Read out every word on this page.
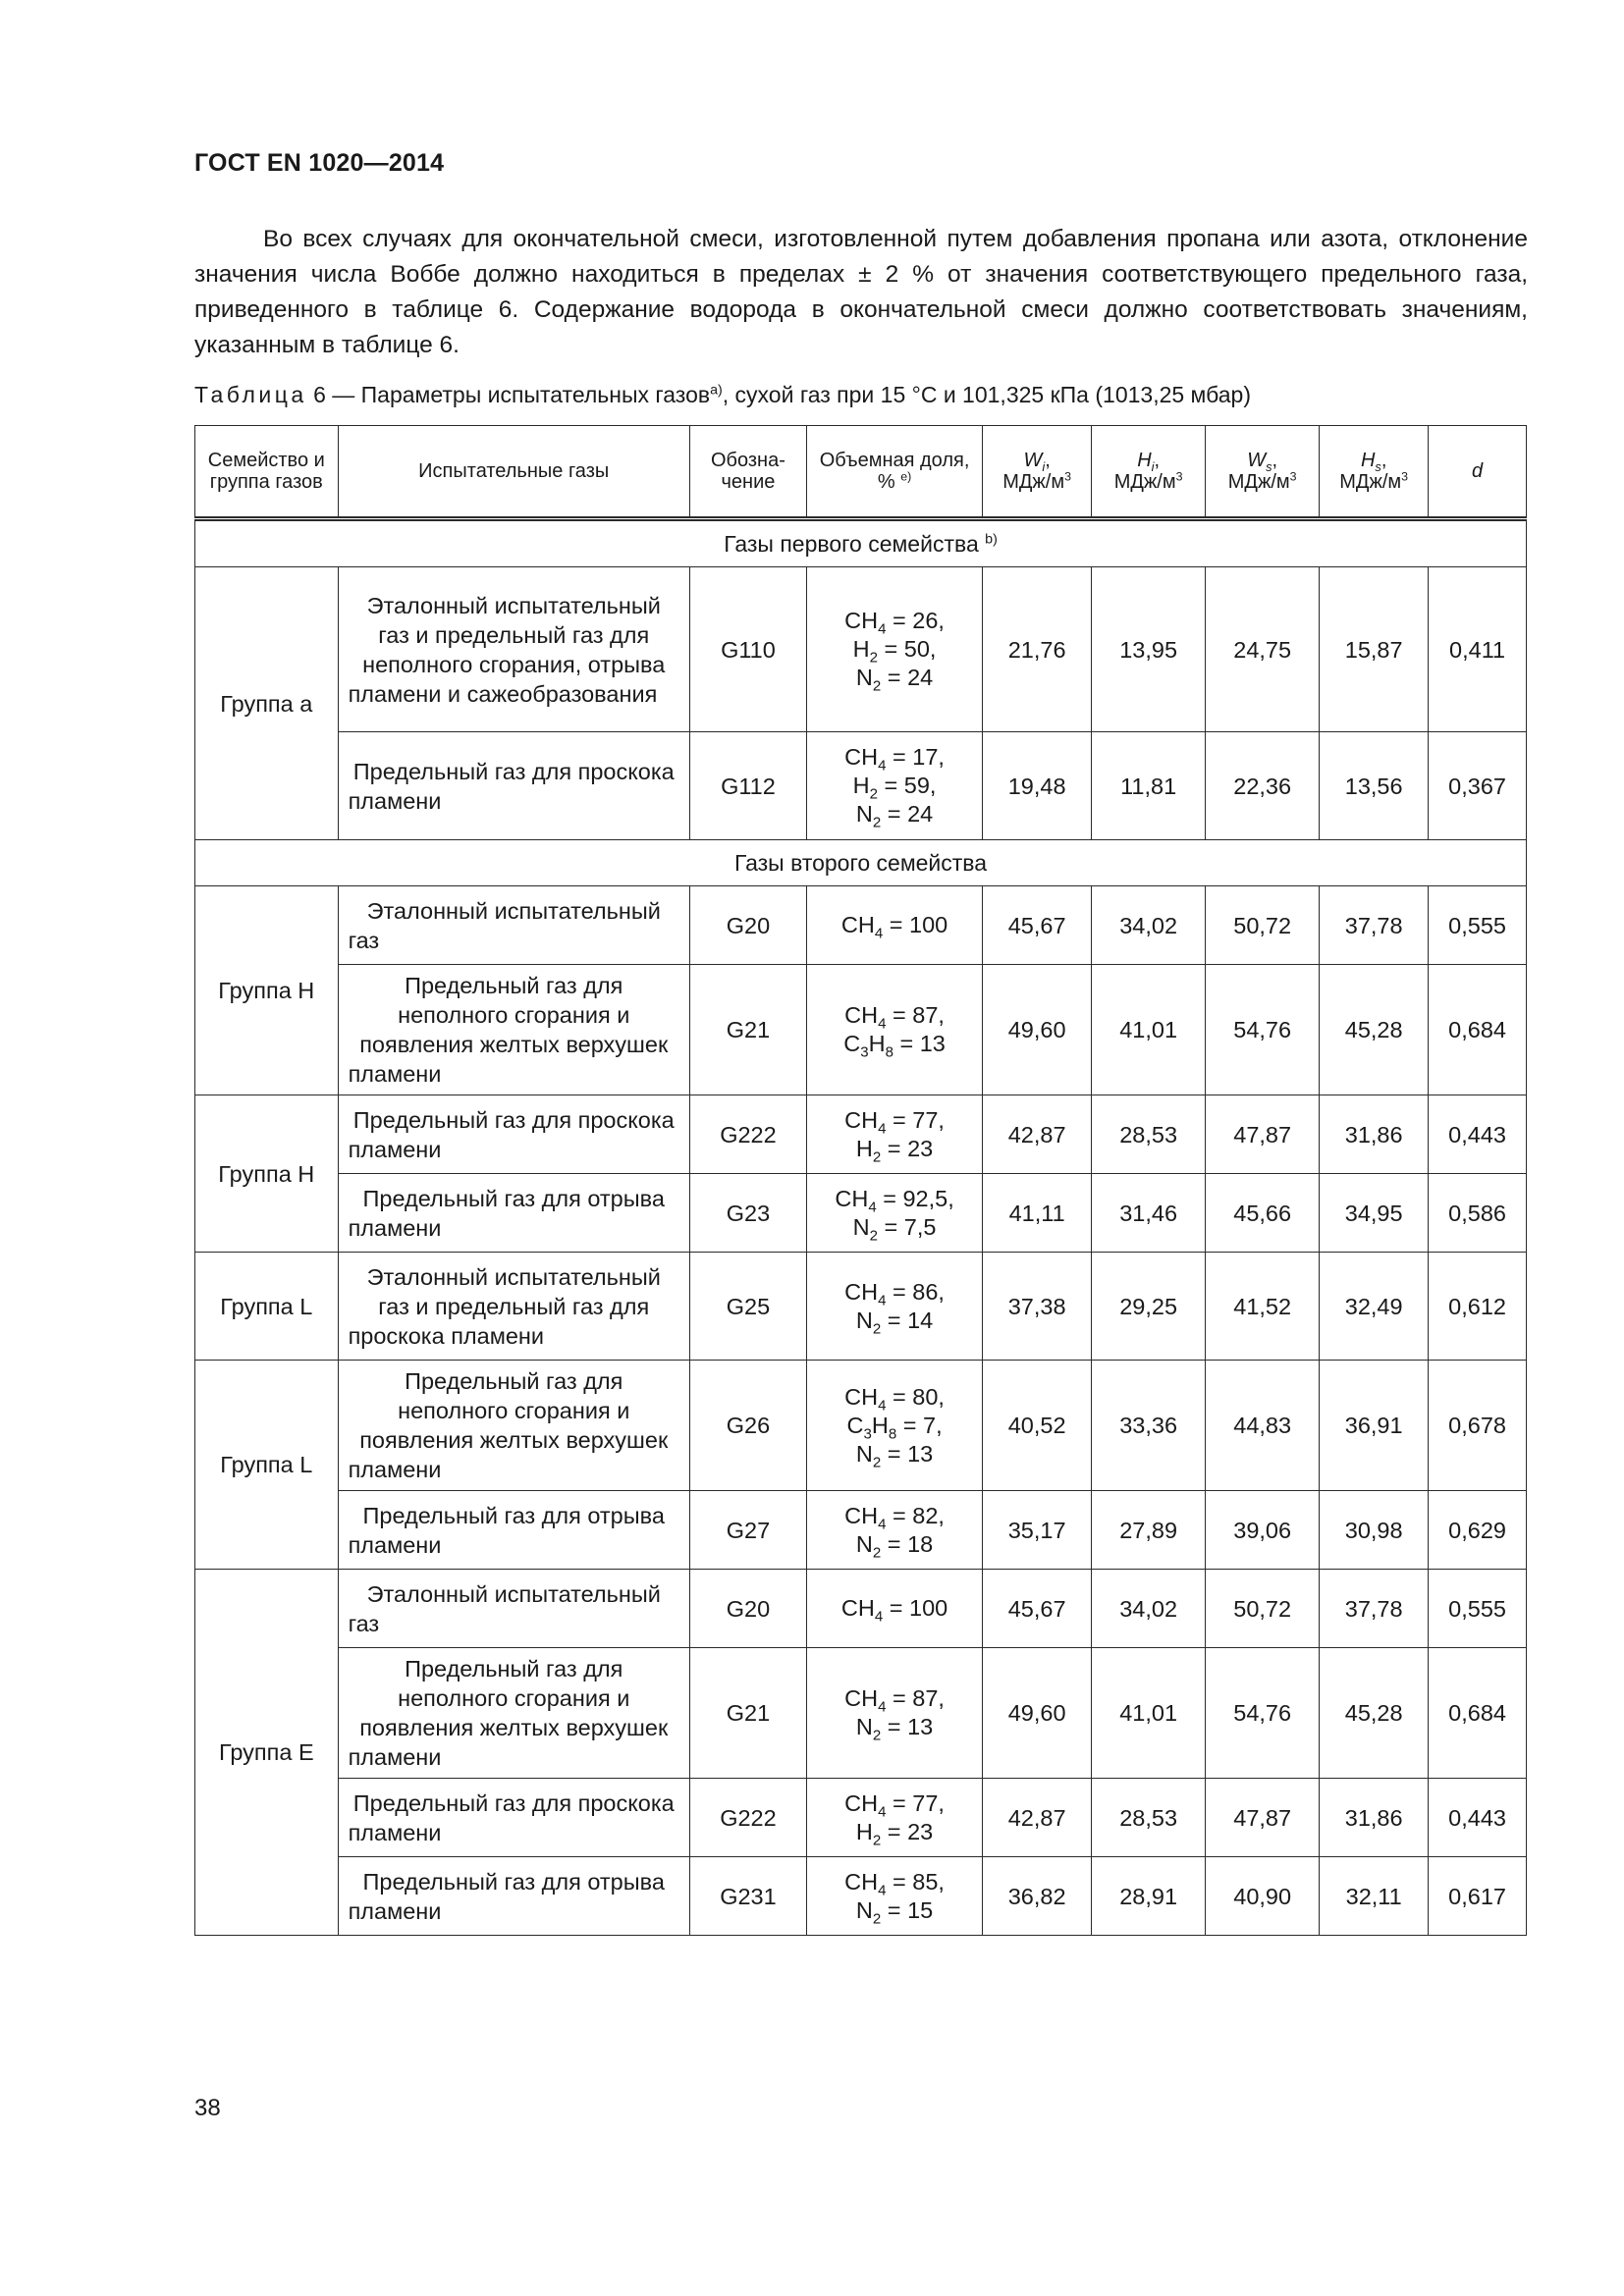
ГОСТ EN 1020—2014

Во всех случаях для окончательной смеси, изготовленной путем добавления пропана или азота, отклонение значения числа Воббе должно находиться в пределах ± 2 % от значения соответствующего предельного газа, приведенного в таблице 6. Содержание водорода в окончательной смеси должно соответствовать значениям, указанным в таблице 6.

Таблица 6 — Параметры испытательных газов$^{a)}$, сухой газ при 15 °С и 101,325 кПа (1013,25 мбар)
Семейство и группа газов	Испытательные газы	Обозна-чение	Объемная доля, % $^{е)}$	$W_i$,
МДж/$м^3$	$H_i$,
МДж/$м^3$	$W_s$,
МДж/$м^3$	$H_s$,
МДж/$м^3$	d
Газы первого семейства $^{b)}$
Группа а	Эталонный испытательный газ и предельный газ для неполного сгорания, отрыва пламени и сажеобразования	G110	$CH_4 = 26$,
$H_2 = 50$,
$N_2 = 24$	21,76	13,95	24,75	15,87	0,411
	Предельный газ для проскока пламени	G112	$CH_4 = 17$,
$H_2 = 59$,
$N_2 = 24$	19,48	11,81	22,36	13,56	0,367
Газы второго семейства								
Группа H	Эталонный испытательный газ	G20	$CH_4 = 100$	45,67	34,02	50,72	37,78	0,555
	Предельный газ для неполного сгорания и появления желтых верхушек пламени	G21	$CH_4 = 87$,
$C_3H_8 = 13$	49,60	41,01	54,76	45,28	0,684
Группа H	Предельный газ для проскока пламени	G222	$CH_4 = 77$,
$H_2 = 23$	42,87	28,53	47,87	31,86	0,443
	Предельный газ для отрыва пламени	G23	$CH_4 = 92,5$,
$N_2 = 7,5$	41,11	31,46	45,66	34,95	0,586
Группа L	Эталонный испытательный газ и предельный газ для проскока пламени	G25	$CH_4 = 86$,
$N_2 = 14$	37,38	29,25	41,52	32,49	0,612
Группа L	Предельный газ для неполного сгорания и появления желтых верхушек пламени	G26	$CH_4 = 80$,
$C_3H_8 = 7$,
$N_2 = 13$	40,52	33,36	44,83	36,91	0,678
	Предельный газ для отрыва пламени	G27	$CH_4 = 82$,
$N_2 = 18$	35,17	27,89	39,06	30,98	0,629
Группа E	Эталонный испытательный газ	G20	$CH_4 = 100$	45,67	34,02	50,72	37,78	0,555
	Предельный газ для неполного сгорания и появления желтых верхушек пламени	G21	$CH_4 = 87$,
$N_2 = 13$	49,60	41,01	54,76	45,28	0,684
	Предельный газ для проскока пламени	G222	$CH_4 = 77$,
$H_2 = 23$	42,87	28,53	47,87	31,86	0,443
	Предельный газ для отрыва пламени	G231	$CH_4 = 85$,
$N_2 = 15$	36,82	28,91	40,90	32,11	0,617
38
